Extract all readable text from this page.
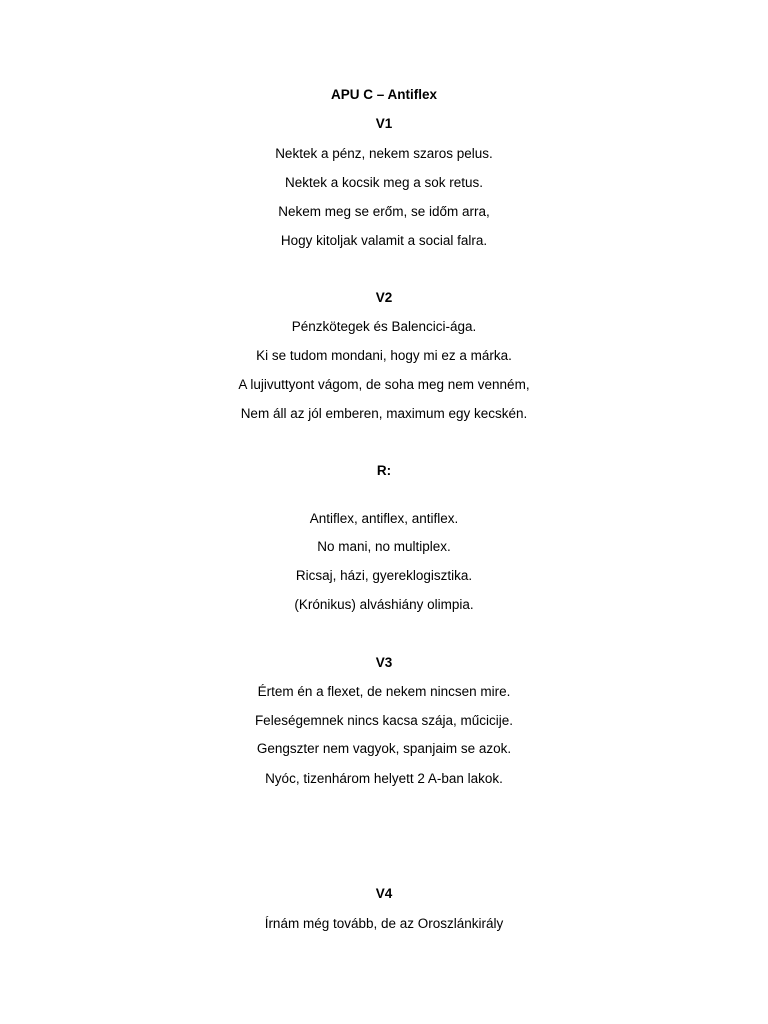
APU C – Antiflex
V1
Nektek a pénz, nekem szaros pelus.
Nektek a kocsik meg a sok retus.
Nekem meg se erőm, se időm arra,
Hogy kitoljak valamit a social falra.
V2
Pénzkötegek és Balencici-ága.
Ki se tudom mondani, hogy mi ez a márka.
A lujivuttyont vágom, de soha meg nem venném,
Nem áll az jól emberen, maximum egy kecskén.
R:
Antiflex, antiflex, antiflex.
No mani, no multiplex.
Ricsaj, házi, gyereklogisztika.
(Krónikus) alváshiány olimpia.
V3
Értem én a flexet, de nekem nincsen mire.
Feleségemnek nincs kacsa szája, műcicije.
Gengszter nem vagyok, spanjaim se azok.
Nyóc, tizenhárom helyett 2 A-ban lakok.
V4
Írnám még tovább, de az Oroszlánkirály
